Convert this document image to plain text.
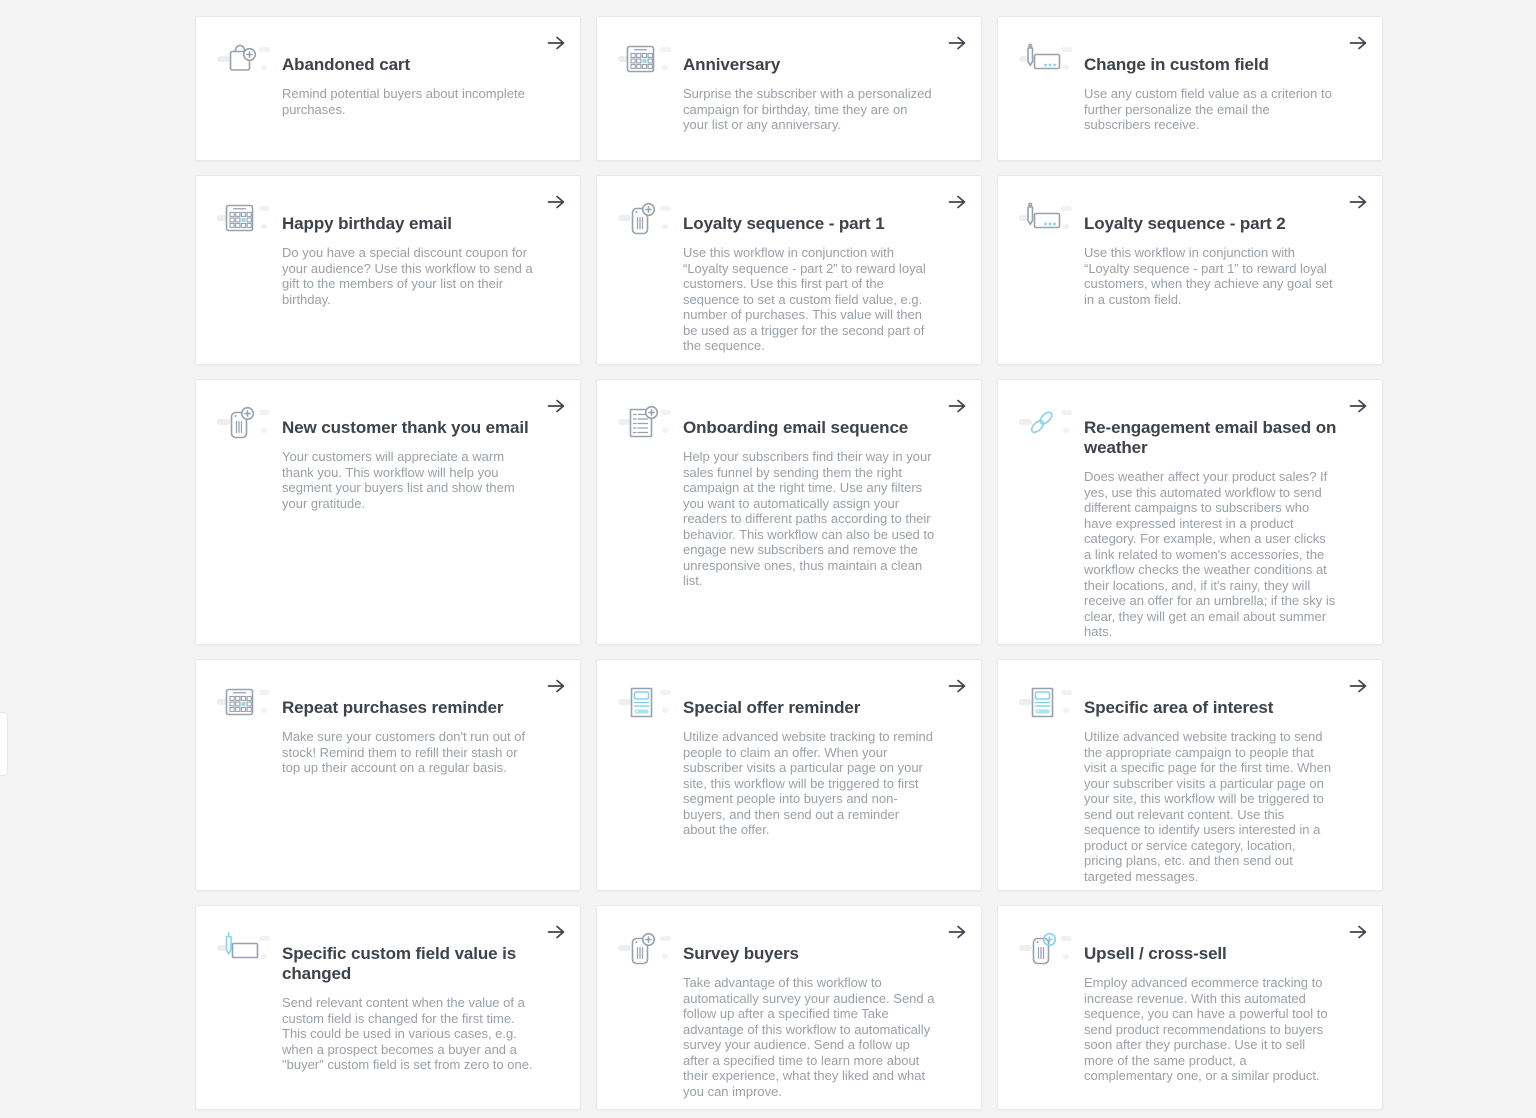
Abandoned cart

Remind potential buyers about incomplete purchases.

Anniversary

Surprise the subscriber with a personalized campaign for birthday, time they are on your list or any anniversary.

Change in custom field

Use any custom field value as a criterion to further personalize the email the subscribers receive.

Happy birthday email

Do you have a special discount coupon for your audience? Use this workflow to send a gift to the members of your list on their birthday.

Loyalty sequence - part 1

Use this workflow in conjunction with “Loyalty sequence - part 2” to reward loyal customers. Use this first part of the sequence to set a custom field value, e.g. number of purchases. This value will then be used as a trigger for the second part of the sequence.

Loyalty sequence - part 2

Use this workflow in conjunction with “Loyalty sequence - part 1” to reward loyal customers, when they achieve any goal set in a custom field.

New customer thank you email

Your customers will appreciate a warm thank you. This workflow will help you segment your buyers list and show them your gratitude.

Onboarding email sequence

Help your subscribers find their way in your sales funnel by sending them the right campaign at the right time. Use any filters you want to automatically assign your readers to different paths according to their behavior. This workflow can also be used to engage new subscribers and remove the unresponsive ones, thus maintain a clean list.

Re-engagement email based on weather

Does weather affect your product sales? If yes, use this automated workflow to send different campaigns to subscribers who have expressed interest in a product category. For example, when a user clicks a link related to women's accessories, the workflow checks the weather conditions at their locations, and, if it's rainy, they will receive an offer for an umbrella; if the sky is clear, they will get an email about summer hats.

Repeat purchases reminder

Make sure your customers don't run out of stock! Remind them to refill their stash or top up their account on a regular basis.

Special offer reminder

Utilize advanced website tracking to remind people to claim an offer. When your subscriber visits a particular page on your site, this workflow will be triggered to first segment people into buyers and non-buyers, and then send out a reminder about the offer.

Specific area of interest

Utilize advanced website tracking to send the appropriate campaign to people that visit a specific page for the first time. When your subscriber visits a particular page on your site, this workflow will be triggered to send out relevant content. Use this sequence to identify users interested in a product or service category, location, pricing plans, etc. and then send out targeted messages.

Specific custom field value is changed

Send relevant content when the value of a custom field is changed for the first time. This could be used in various cases, e.g. when a prospect becomes a buyer and a "buyer" custom field is set from zero to one.

Survey buyers

Take advantage of this workflow to automatically survey your audience. Send a follow up after a specified time Take advantage of this workflow to automatically survey your audience. Send a follow up after a specified time to learn more about their experience, what they liked and what you can improve.

Upsell / cross-sell

Employ advanced ecommerce tracking to increase revenue. With this automated sequence, you can have a powerful tool to send product recommendations to buyers soon after they purchase. Use it to sell more of the same product, a complementary one, or a similar product.
